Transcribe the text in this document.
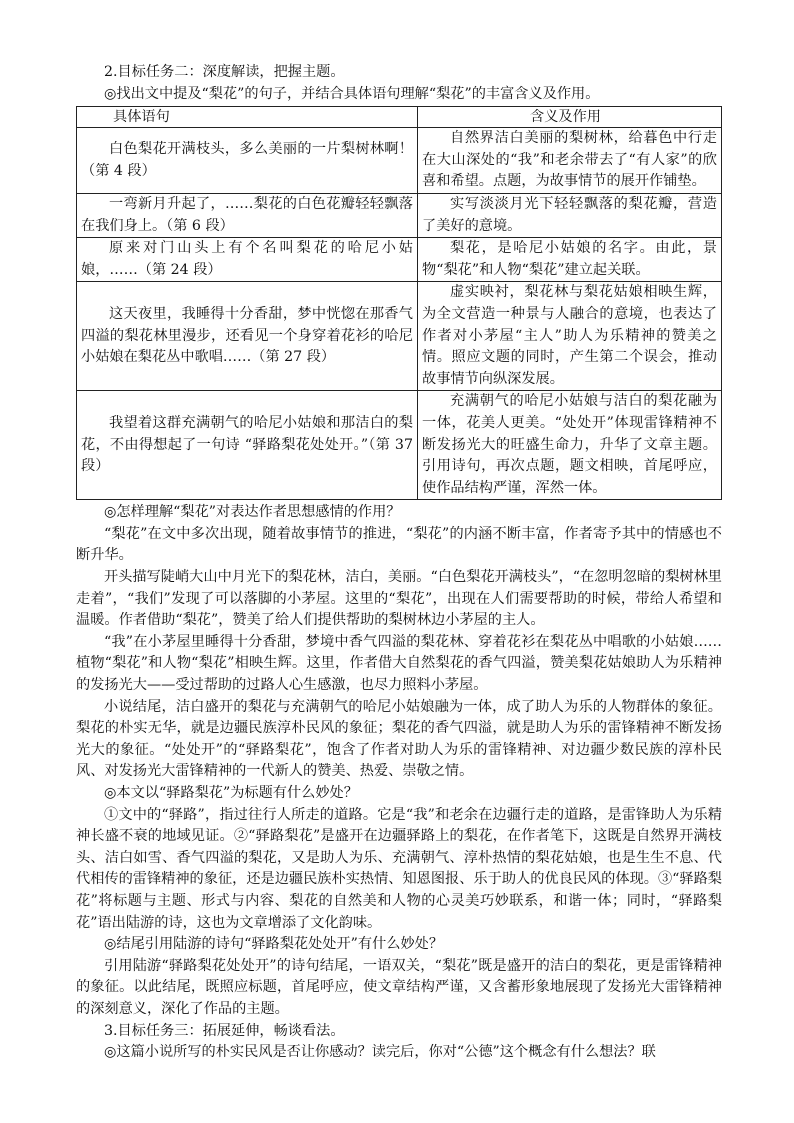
2.目标任务二：深度解读，把握主题。
◎找出文中提及“梨花”的句子，并结合具体语句理解“梨花”的丰富含义及作用。
具体语句	含义及作用
白色梨花开满枝头，多么美丽的一片梨树林啊！（第 4 段）	自然界洁白美丽的梨树林，给暮色中行走在大山深处的“我”和老余带去了“有人家”的欣喜和希望。点题，为故事情节的展开作铺垫。
一弯新月升起了，……梨花的白色花瓣轻轻飘落在我们身上。（第 6 段）	实写淡淡月光下轻轻飘落的梨花瓣，营造了美好的意境。
原来对门山头上有个名叫梨花的哈尼小姑娘，……（第 24 段）	梨花，是哈尼小姑娘的名字。由此，景物“梨花”和人物“梨花”建立起关联。
这天夜里，我睡得十分香甜，梦中恍惚在那香气四溢的梨花林里漫步，还看见一个身穿着花衫的哈尼小姑娘在梨花丛中歌唱……（第 27 段）	虚实映衬，梨花林与梨花姑娘相映生辉，为全文营造一种景与人融合的意境，也表达了作者对小茅屋“主人”助人为乐精神的赞美之情。照应文题的同时，产生第二个误会，推动故事情节向纵深发展。
我望着这群充满朝气的哈尼小姑娘和那洁白的梨花，不由得想起了一句诗 “驿路梨花处处开。”（第 37 段）	充满朝气的哈尼小姑娘与洁白的梨花融为一体，花美人更美。“处处开”体现雷锋精神不断发扬光大的旺盛生命力，升华了文章主题。引用诗句，再次点题，题文相映，首尾呼应，使作品结构严谨，浑然一体。

◎怎样理解“梨花”对表达作者思想感情的作用？

“梨花”在文中多次出现，随着故事情节的推进，“梨花”的内涵不断丰富，作者寄予其中的情感也不断升华。

开头描写陡峭大山中月光下的梨花林，洁白，美丽。“白色梨花开满枝头”，“在忽明忽暗的梨树林里走着”，“我们”发现了可以落脚的小茅屋。这里的“梨花”，出现在人们需要帮助的时候，带给人希望和温暖。作者借助“梨花”，赞美了给人们提供帮助的梨树林边小茅屋的主人。

“我”在小茅屋里睡得十分香甜，梦境中香气四溢的梨花林、穿着花衫在梨花丛中唱歌的小姑娘……植物“梨花”和人物“梨花”相映生辉。这里，作者借大自然梨花的香气四溢，赞美梨花姑娘助人为乐精神的发扬光大——受过帮助的过路人心生感激，也尽力照料小茅屋。

小说结尾，洁白盛开的梨花与充满朝气的哈尼小姑娘融为一体，成了助人为乐的人物群体的象征。梨花的朴实无华，就是边疆民族淳朴民风的象征；梨花的香气四溢，就是助人为乐的雷锋精神不断发扬光大的象征。“处处开”的“驿路梨花”，饱含了作者对助人为乐的雷锋精神、对边疆少数民族的淳朴民风、对发扬光大雷锋精神的一代新人的赞美、热爱、崇敬之情。

◎本文以“驿路梨花”为标题有什么妙处？

①文中的“驿路”，指过往行人所走的道路。它是“我”和老余在边疆行走的道路，是雷锋助人为乐精神长盛不衰的地域见证。②“驿路梨花”是盛开在边疆驿路上的梨花，在作者笔下，这既是自然界开满枝头、洁白如雪、香气四溢的梨花，又是助人为乐、充满朝气、淳朴热情的梨花姑娘，也是生生不息、代代相传的雷锋精神的象征，还是边疆民族朴实热情、知恩图报、乐于助人的优良民风的体现。③“驿路梨花”将标题与主题、形式与内容、梨花的自然美和人物的心灵美巧妙联系，和谐一体；同时，“驿路梨花”语出陆游的诗，这也为文章增添了文化韵味。

◎结尾引用陆游的诗句“驿路梨花处处开”有什么妙处？

引用陆游“驿路梨花处处开”的诗句结尾，一语双关，“梨花”既是盛开的洁白的梨花，更是雷锋精神的象征。以此结尾，既照应标题，首尾呼应，使文章结构严谨，又含蓄形象地展现了发扬光大雷锋精神的深刻意义，深化了作品的主题。

3.目标任务三：拓展延伸，畅谈看法。

◎这篇小说所写的朴实民风是否让你感动？读完后，你对“公德”这个概念有什么想法？联
